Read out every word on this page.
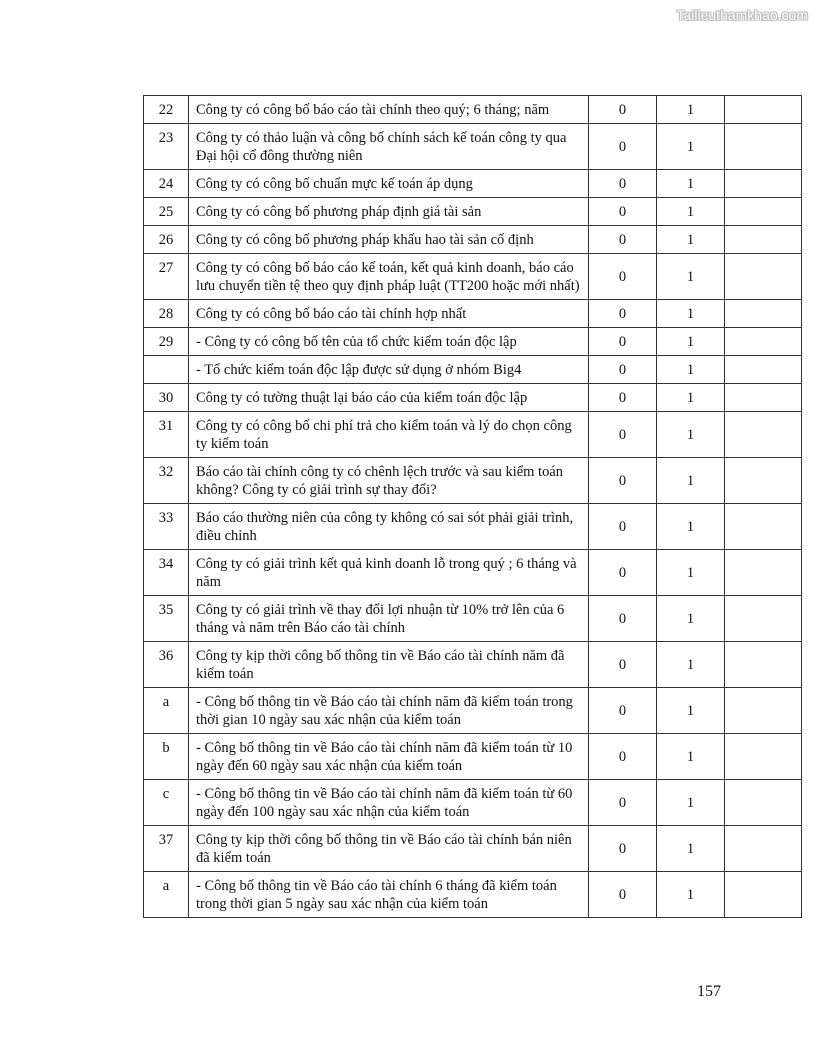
Tailieuthamkhao.com
22	Công ty có công bố báo cáo tài chính theo quý; 6 tháng; năm	0	1	
23	Công ty có thảo luận và công bố chính sách kế toán công ty qua Đại hội cổ đông thường niên	0	1	
24	Công ty có công bố chuẩn mực kế toán áp dụng	0	1	
25	Công ty có công bố phương pháp định giá tài sản	0	1	
26	Công ty có công bố phương pháp khấu hao tài sản cố định	0	1	
27	Công ty có công bố báo cáo kế toán, kết quả kinh doanh, báo cáo lưu chuyển tiền tệ theo quy định pháp luật (TT200 hoặc mới nhất)	0	1	
28	Công ty có công bố báo cáo tài chính hợp nhất	0	1	
29	- Công ty có công bố tên của tổ chức kiểm toán độc lập	0	1	
	- Tổ chức kiểm toán độc lập được sử dụng ở nhóm Big4	0	1	
30	Công ty có tường thuật lại báo cáo của kiểm toán độc lập	0	1	
31	Công ty có công bố chi phí trả cho kiểm toán và lý do chọn công ty kiểm toán	0	1	
32	Báo cáo tài chính công ty có chênh lệch trước và sau kiểm toán không? Công ty có giải trình sự thay đổi?	0	1	
33	Báo cáo thường niên của công ty không có sai sót phải giải trình, điều chỉnh	0	1	
34	Công ty có giải trình kết quả kinh doanh lỗ trong quý ; 6 tháng và năm	0	1	
35	Công ty có giải trình về thay đổi lợi nhuận từ 10% trở lên của 6 tháng và năm trên Báo cáo tài chính	0	1	
36	Công ty kịp thời công bố thông tin về Báo cáo tài chính năm đã kiểm toán	0	1	
a	- Công bố thông tin về Báo cáo tài chính năm đã kiểm toán trong thời gian 10 ngày sau xác nhận của kiểm toán	0	1	
b	- Công bố thông tin về Báo cáo tài chính năm đã kiểm toán từ 10 ngày đến 60 ngày sau xác nhận của kiểm toán	0	1	
c	- Công bố thông tin về Báo cáo tài chính năm đã kiểm toán từ 60 ngày đến 100 ngày sau xác nhận của kiểm toán	0	1	
37	Công ty kịp thời công bố thông tin về Báo cáo tài chính bán niên đã kiểm toán	0	1	
a	- Công bố thông tin về Báo cáo tài chính 6 tháng đã kiểm toán trong thời gian 5 ngày sau xác nhận của kiểm toán	0	1	
157
